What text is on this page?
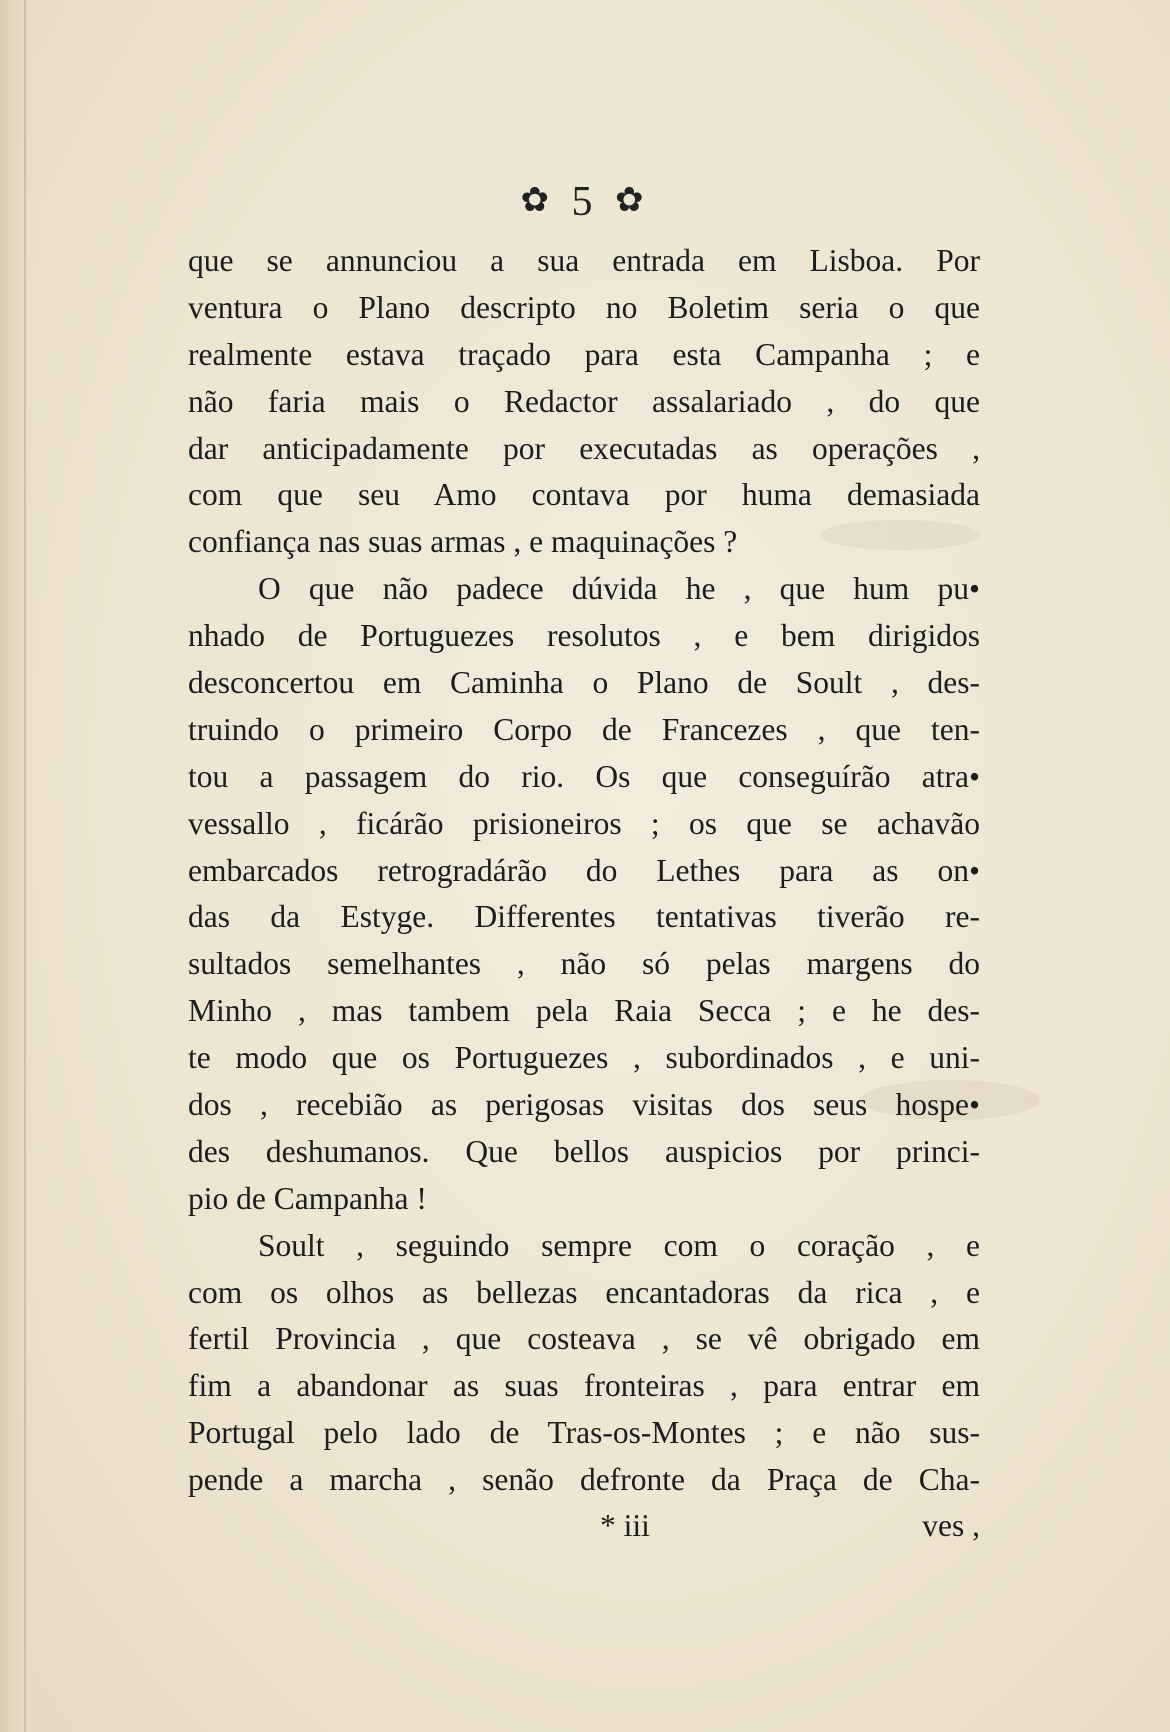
✿ 5 ✿
que se annunciou a sua entrada em Lisboa. Por
ventura o Plano descripto no Boletim seria o que
realmente estava traçado para esta Campanha ; e
não faria mais o Redactor assalariado , do que
dar anticipadamente por executadas as operações ,
com que seu Amo contava por huma demasiada
confiança nas suas armas , e maquinações ?
O que não padece dúvida he , que hum pu•
nhado de Portuguezes resolutos , e bem dirigidos
desconcertou em Caminha o Plano de Soult , des-
truindo o primeiro Corpo de Francezes , que ten-
tou a passagem do rio. Os que conseguírão atra•
vessallo , ficárão prisioneiros ; os que se achavão
embarcados retrogradárão do Lethes para as on•
das da Estyge. Differentes tentativas tiverão re-
sultados semelhantes , não só pelas margens do
Minho , mas tambem pela Raia Secca ; e he des-
te modo que os Portuguezes , subordinados , e uni-
dos , recebião as perigosas visitas dos seus hospe•
des deshumanos. Que bellos auspicios por princi-
pio de Campanha !
Soult , seguindo sempre com o coração , e
com os olhos as bellezas encantadoras da rica , e
fertil Provincia , que costeava , se vê obrigado em
fim a abandonar as suas fronteiras , para entrar em
Portugal pelo lado de Tras-os-Montes ; e não sus-
pende a marcha , senão defronte da Praça de Cha-
* iii	ves ,
